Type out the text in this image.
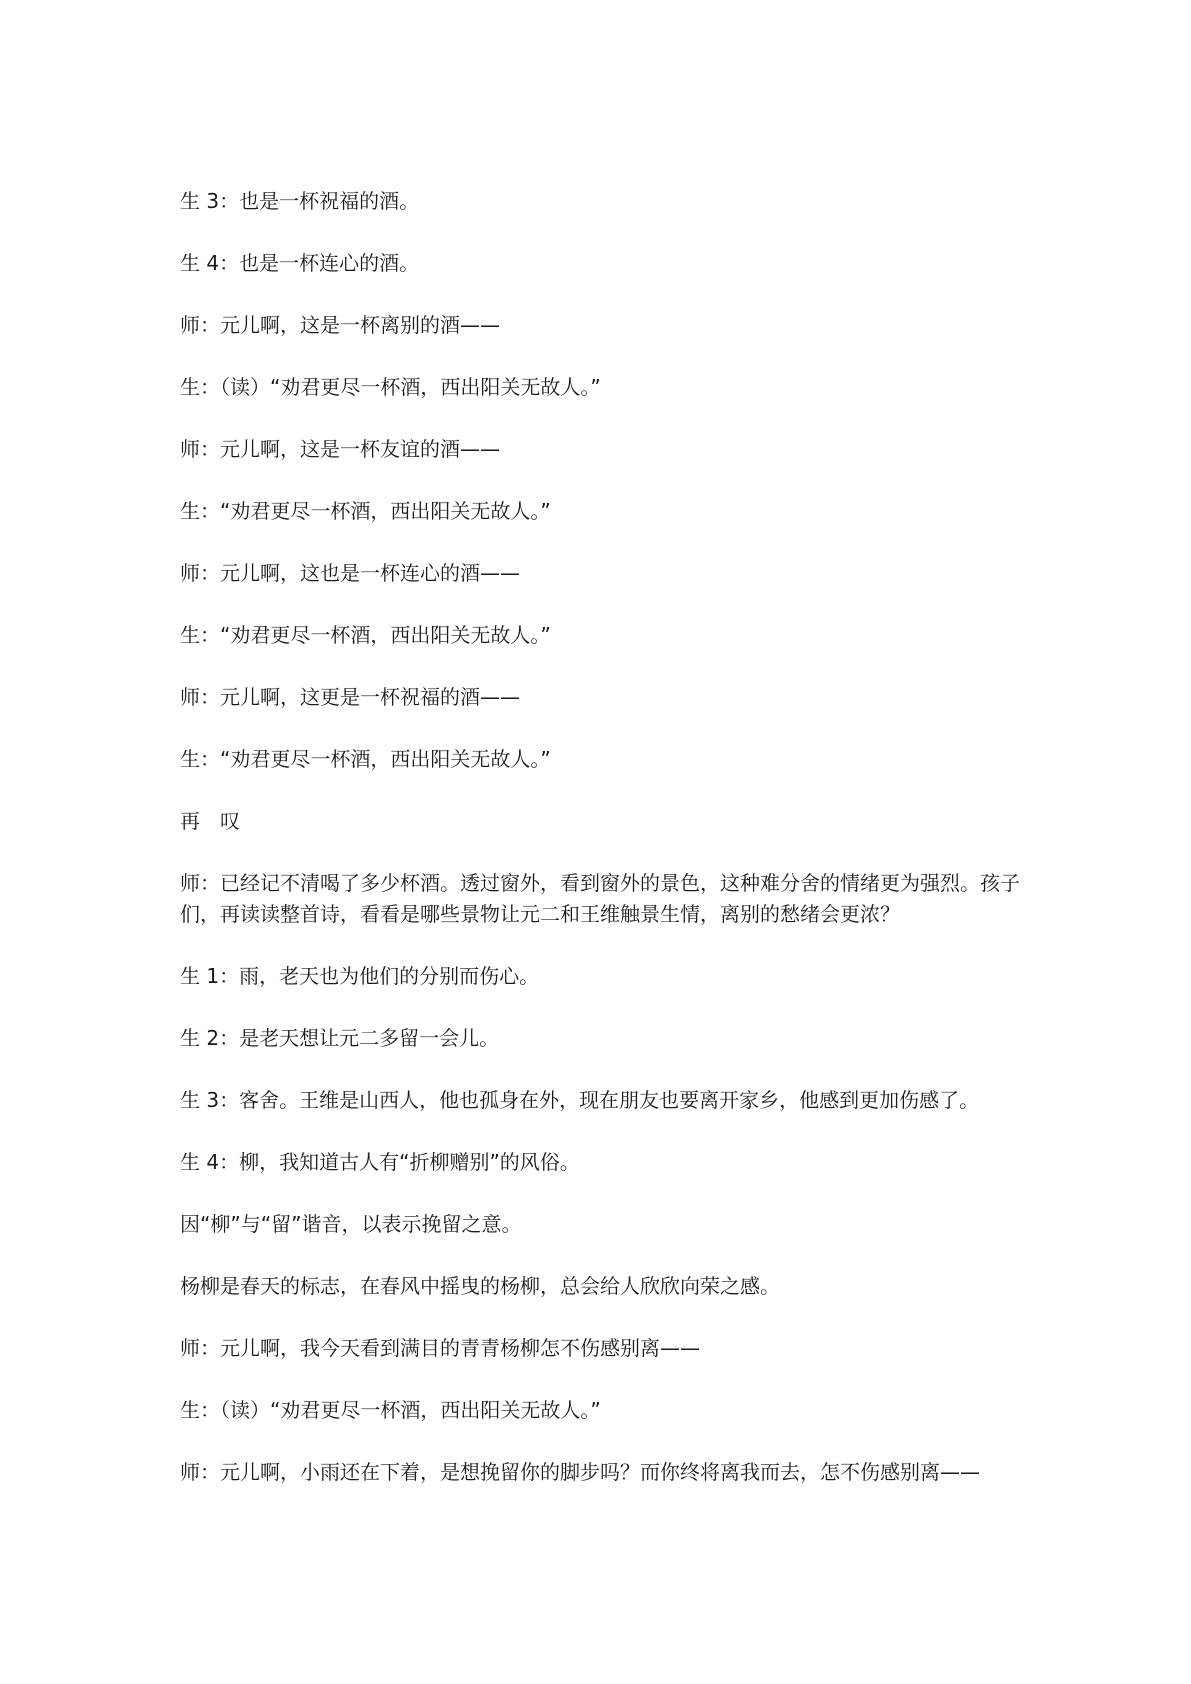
生 3：也是一杯祝福的酒。

生 4：也是一杯连心的酒。

师：元儿啊，这是一杯离别的酒——

生：（读）“劝君更尽一杯酒，西出阳关无故人。”

师：元儿啊，这是一杯友谊的酒——

生：“劝君更尽一杯酒，西出阳关无故人。”

师：元儿啊，这也是一杯连心的酒——

生：“劝君更尽一杯酒，西出阳关无故人。”

师：元儿啊，这更是一杯祝福的酒——

生：“劝君更尽一杯酒，西出阳关无故人。”

再　叹

师：已经记不清喝了多少杯酒。透过窗外，看到窗外的景色，这种难分舍的情绪更为强烈。孩子们，再读读整首诗，看看是哪些景物让元二和王维触景生情，离别的愁绪会更浓？

生 1：雨，老天也为他们的分别而伤心。

生 2：是老天想让元二多留一会儿。

生 3：客舍。王维是山西人，他也孤身在外，现在朋友也要离开家乡，他感到更加伤感了。

生 4：柳，我知道古人有“折柳赠别”的风俗。

因“柳”与“留”谐音，以表示挽留之意。

杨柳是春天的标志，在春风中摇曳的杨柳，总会给人欣欣向荣之感。

师：元儿啊，我今天看到满目的青青杨柳怎不伤感别离——

生：（读）“劝君更尽一杯酒，西出阳关无故人。”

师：元儿啊，小雨还在下着，是想挽留你的脚步吗？而你终将离我而去，怎不伤感别离——
